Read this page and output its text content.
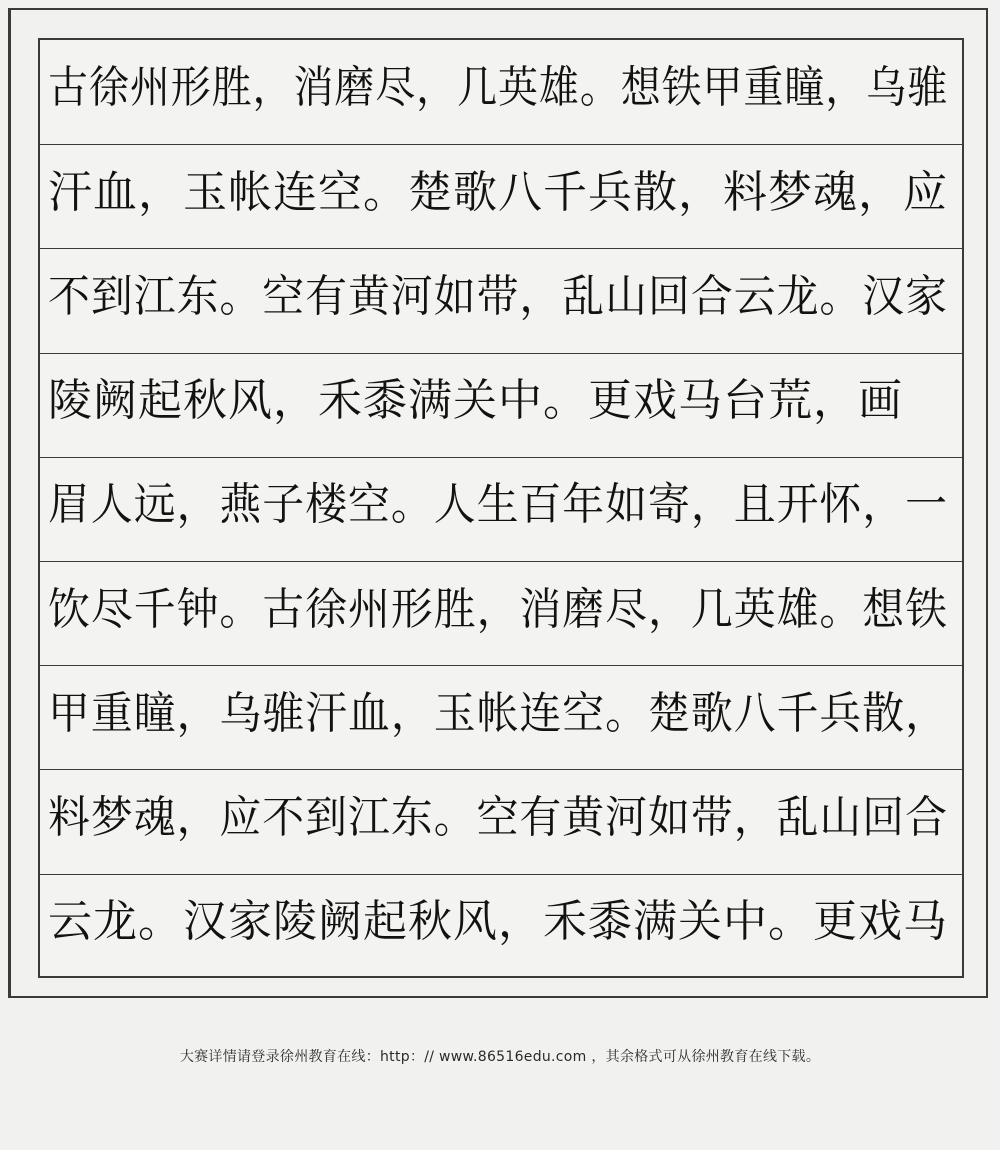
古徐州形胜，消磨尽，几英雄。想铁甲重瞳，乌骓
汗血，玉帐连空。楚歌八千兵散，料梦魂，应
不到江东。空有黄河如带，乱山回合云龙。汉家
陵阙起秋风，禾黍满关中。更戏马台荒，画
眉人远，燕子楼空。人生百年如寄，且开怀，一
饮尽千钟。古徐州形胜，消磨尽，几英雄。想铁
甲重瞳，乌骓汗血，玉帐连空。楚歌八千兵散，
料梦魂，应不到江东。空有黄河如带，乱山回合
云龙。汉家陵阙起秋风，禾黍满关中。更戏马
大赛详情请登录徐州教育在线：http：// www.86516edu.com ，其余格式可从徐州教育在线下载。
